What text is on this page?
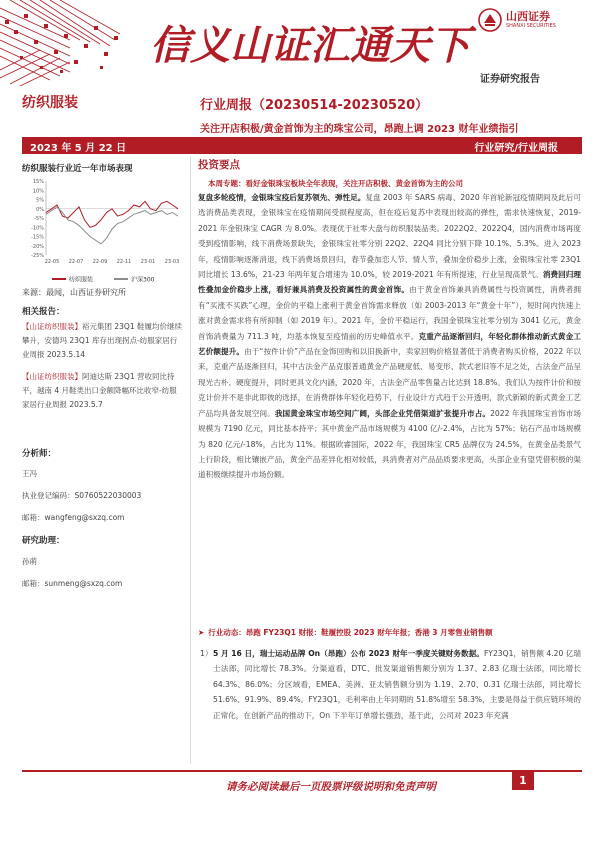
信义山证汇通天下
山西证券
SHANXI SECURITIES
证券研究报告
纺织服装	行业周报（20230514-20230520）
关注开店积极/黄金首饰为主的珠宝公司，昂跑上调 2023 财年业绩指引
2023 年 5 月 22 日	行业研究/行业周报
纺织服装行业近一年市场表现
15%
10%
5%
0%
-5%
-10%
-15%
-20%
-25%
22-05 22-07 22-09 22-11 23-01 23-03
纺织服装	沪深300
来源：最闻，山西证券研究所
相关报告：
【山证纺织服装】裕元集团 23Q1 鞋履均价继续攀升，安德玛 23Q1 库存出现拐点-纺服家居行业周报 2023.5.14
【山证纺织服装】阿迪达斯 23Q1 营收同比持平，越南 4 月鞋类出口金额降幅环比收窄-纺服家居行业周报 2023.5.7
分析师：
王冯
执业登记编码：S0760522030003
邮箱：wangfeng@sxzq.com
研究助理：
孙萌
邮箱：sunmeng@sxzq.com
投资要点
本周专题：看好金银珠宝板块全年表现，关注开店积极、黄金首饰为主的公司
复盘多轮疫情，金银珠宝疫后复苏领先、弹性足。复盘 2003 年 SARS 病毒、2020 年首轮新冠疫情期间及此后可选消费品类表现，金银珠宝在疫情期间受损程度高，但在疫后复苏中表现出较高的弹性，需求快速恢复，2019-2021 年金银珠宝 CAGR 为 8.0%。表现优于社零大盘与纺织服装品类。2022Q2、2022Q4，国内消费市场再度受到疫情影响，线下消费场景缺失，金银珠宝社零分别 22Q2、22Q4 同比分别下降 10.1%、5.3%。进入 2023 年，疫情影响逐渐消退，线下消费场景回归，春节叠加恋人节、情人节，叠加金价稳步上涨，金银珠宝社零 23Q1 同比增长 13.6%，21-23 年两年复合增速为 10.0%，较 2019-2021 年有所提速，行业呈现高景气。消费回归理性叠加金价稳步上涨，看好兼具消费及投资属性的黄金首饰。由于黄金首饰兼具消费属性与投资属性，消费者拥有“买涨不买跌”心理，金价的平稳上涨利于黄金首饰需求释放（如 2003-2013 年“黄金十年”），短时间内快速上涨对黄金需求将有所抑制（如 2019 年）。2021 年，金价平稳运行，我国金银珠宝社零分别为 3041 亿元，黄金首饰消费量为 711.3 吨，均基本恢复至疫情前的历史峰值水平。克重产品逐渐回归，年轻化群体推动新式黄金工艺价额提升。由于“按件计价”产品在金饰回购和以旧换新中，卖家回购价格显著低于消费者购买价格，2022 年以来，克重产品逐渐回归，其中古法金产品克服普通黄金产品硬度低、易变形、款式老旧等不足之处，古法金产品呈现光古朴、硬度提升，同时更具文化内涵，2020 年，古法金产品零售量占比达到 18.8%。我们认为按件计价和按克计价并不是非此即彼的选择，在消费群体年轻化趋势下，行业设计方式趋于公开透明，款式新颖的新式黄金工艺产品均具备发展空间。我国黄金珠宝市场空间广阔，头部企业凭借渠道扩张提升市占。2022 年我国珠宝首饰市场规模为 7190 亿元，同比基本持平；其中黄金产品市场规模为 4100 亿/-2.4%，占比为 57%；钻石产品市场规模为 820 亿元/-18%，占比为 11%。根据欧睿国际，2022 年，我国珠宝 CR5 品牌仅为 24.5%，在黄金品类景气上行阶段，相比镶嵌产品，黄金产品差异化相对较低，具消费者对产品品质要求更高，头部企业有望凭借积极的渠道积极继续提升市场份额。
➤ 行业动态：昂跑 FY23Q1 财报：鞋履控股 2023 财年年报；香港 3 月零售业销售额
1） 5 月 16 日，瑞士运动品牌 On（昂跑）公布 2023 财年一季度关键财务数据。FY23Q1，销售额 4.20 亿瑞士法郎，同比增长 78.3%。分渠道看，DTC、批发渠道销售额分别为 1.37、2.83 亿瑞士法郎，同比增长 64.3%、86.0%；分区域看，EMEA、美洲、亚太销售额分别为 1.19、2.70、0.31 亿瑞士法郎，同比增长 51.6%、91.9%、89.4%。FY23Q1，毛利率由上年同期的 51.8%增至 58.3%，主要是得益于供应链环境的正常化，在创新产品的推动下，On 下半年订单增长强劲，基于此，公司对 2023 年充满
请务必阅读最后一页股票评级说明和免责声明	1
